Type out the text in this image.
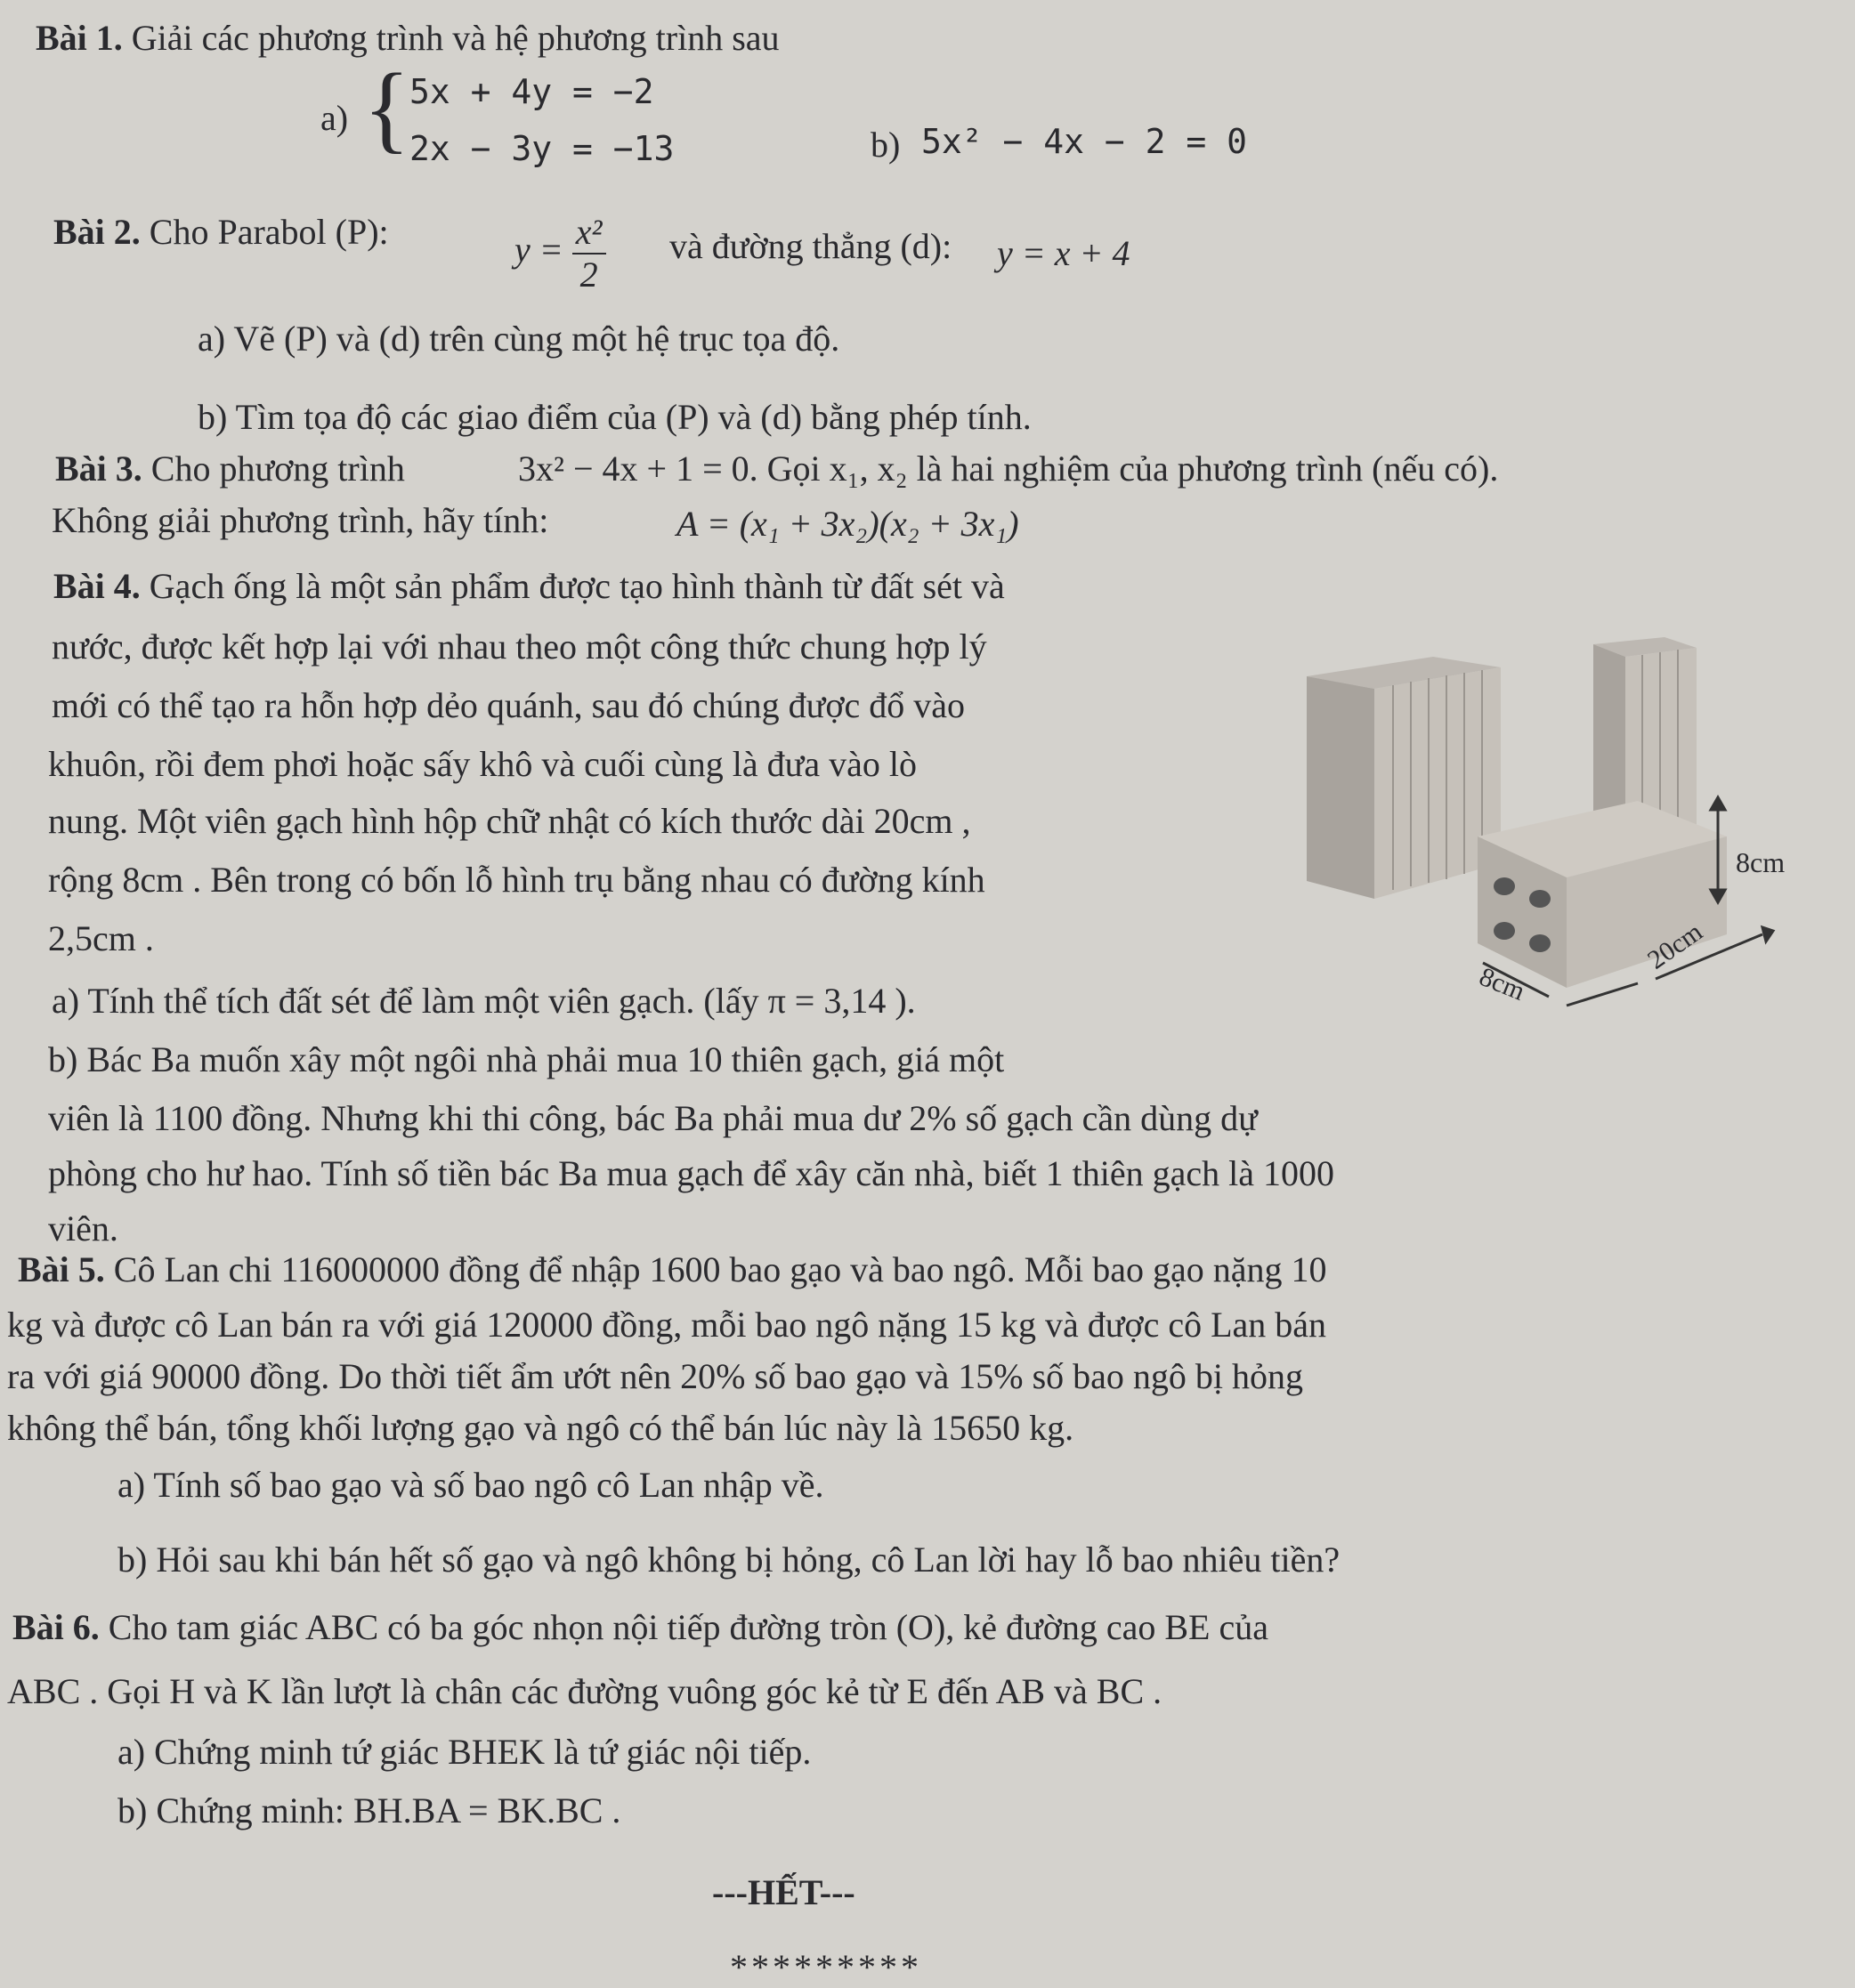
Bài 1. Giải các phương trình và hệ phương trình sau
a) { 5x + 4y = −2
2x − 3y = −13	b) 5x² − 4x − 2 = 0
Bài 2. Cho Parabol (P):	$y = \frac{\text{x²}}{2}$ và đường thẳng (d): y = x + 4
a) Vẽ (P) và (d) trên cùng một hệ trục tọa độ.
b) Tìm tọa độ các giao điểm của (P) và (d) bằng phép tính.
Bài 3. Cho phương trình	3x² − 4x + 1 = 0. Gọi x₁, x₂ là hai nghiệm của phương trình (nếu có).
Không giải phương trình, hãy tính:	A = (x₁ + 3x₂)(x₂ + 3x₁)
Bài 4. Gạch ống là một sản phẩm được tạo hình thành từ đất sét và
nước, được kết hợp lại với nhau theo một công thức chung hợp lý
mới có thể tạo ra hỗn hợp dẻo quánh, sau đó chúng được đổ vào
khuôn, rồi đem phơi hoặc sấy khô và cuối cùng là đưa vào lò
nung. Một viên gạch hình hộp chữ nhật có kích thước dài 20cm ,
rộng 8cm . Bên trong có bốn lỗ hình trụ bằng nhau có đường kính
2,5cm .
a) Tính thể tích đất sét để làm một viên gạch. (lấy π = 3,14 ).
b) Bác Ba muốn xây một ngôi nhà phải mua 10 thiên gạch, giá một
viên là 1100 đồng. Nhưng khi thi công, bác Ba phải mua dư 2% số gạch cần dùng dự
phòng cho hư hao. Tính số tiền bác Ba mua gạch để xây căn nhà, biết 1 thiên gạch là 1000
viên.
8cm
8cm
20cm
Bài 5. Cô Lan chi 116000000 đồng để nhập 1600 bao gạo và bao ngô. Mỗi bao gạo nặng 10
kg và được cô Lan bán ra với giá 120000 đồng, mỗi bao ngô nặng 15 kg và được cô Lan bán
ra với giá 90000 đồng. Do thời tiết ẩm ướt nên 20% số bao gạo và 15% số bao ngô bị hỏng
không thể bán, tổng khối lượng gạo và ngô có thể bán lúc này là 15650 kg.
a) Tính số bao gạo và số bao ngô cô Lan nhập về.
b) Hỏi sau khi bán hết số gạo và ngô không bị hỏng, cô Lan lời hay lỗ bao nhiêu tiền?
Bài 6. Cho tam giác ABC có ba góc nhọn nội tiếp đường tròn (O), kẻ đường cao BE của
ABC . Gọi H và K lần lượt là chân các đường vuông góc kẻ từ E đến AB và BC .
a) Chứng minh tứ giác BHEK là tứ giác nội tiếp.
b) Chứng minh: BH.BA = BK.BC .
---HẾT---
*********
